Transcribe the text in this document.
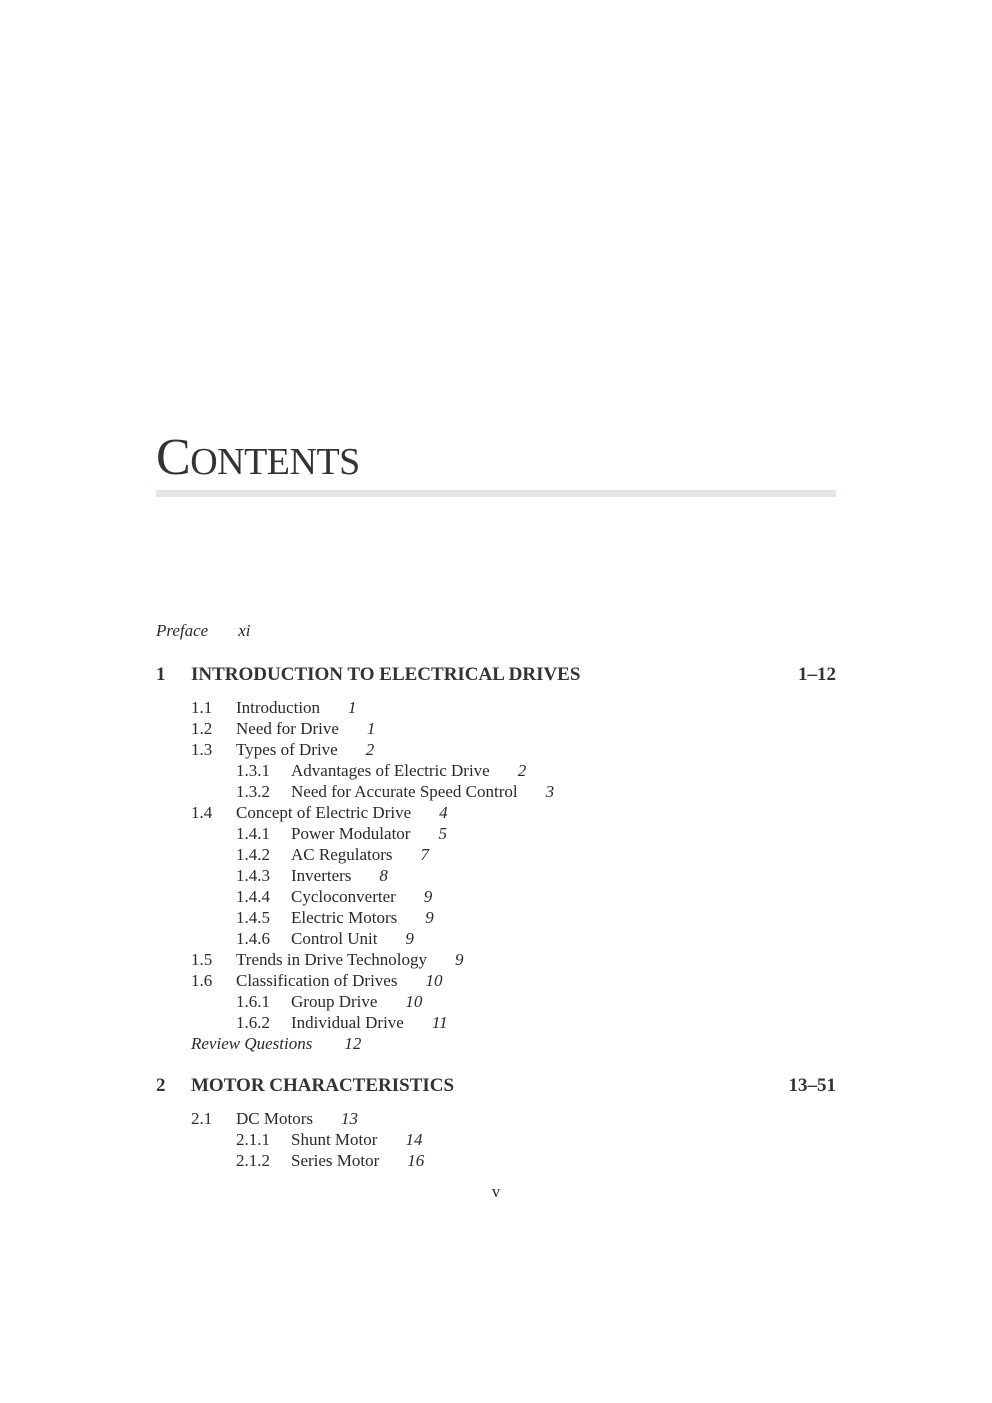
CONTENTS
Preface xi
1 INTRODUCTION TO ELECTRICAL DRIVES	1–12
1.1 Introduction 1
1.2 Need for Drive 1
1.3 Types of Drive 2
1.3.1 Advantages of Electric Drive 2
1.3.2 Need for Accurate Speed Control 3
1.4 Concept of Electric Drive 4
1.4.1 Power Modulator 5
1.4.2 AC Regulators 7
1.4.3 Inverters 8
1.4.4 Cycloconverter 9
1.4.5 Electric Motors 9
1.4.6 Control Unit 9
1.5 Trends in Drive Technology 9
1.6 Classification of Drives 10
1.6.1 Group Drive 10
1.6.2 Individual Drive 11
Review Questions 12
2 MOTOR CHARACTERISTICS	13–51
2.1 DC Motors 13
2.1.1 Shunt Motor 14
2.1.2 Series Motor 16
v
